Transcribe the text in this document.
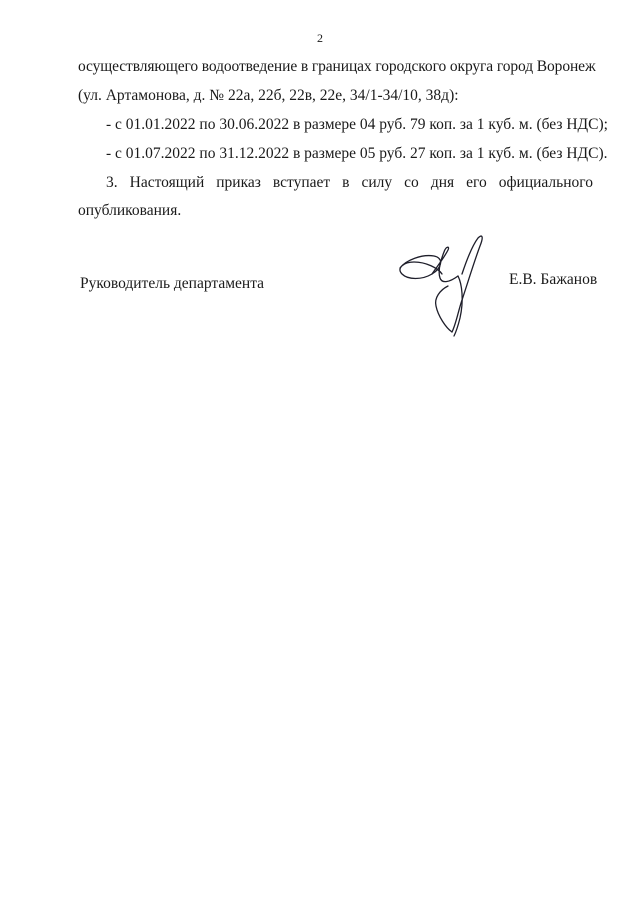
2
осуществляющего водоотведение в границах городского округа город Воронеж
(ул. Артамонова, д. № 22а, 22б, 22в, 22е, 34/1-34/10, 38д):
- с 01.01.2022 по 30.06.2022 в размере 04 руб. 79 коп. за 1 куб. м. (без НДС);
- с 01.07.2022 по 31.12.2022 в размере 05 руб. 27 коп. за 1 куб. м. (без НДС).
3. Настоящий приказ вступает в силу со дня его официального
опубликования.
Руководитель департамента	Е.В. Бажанов
